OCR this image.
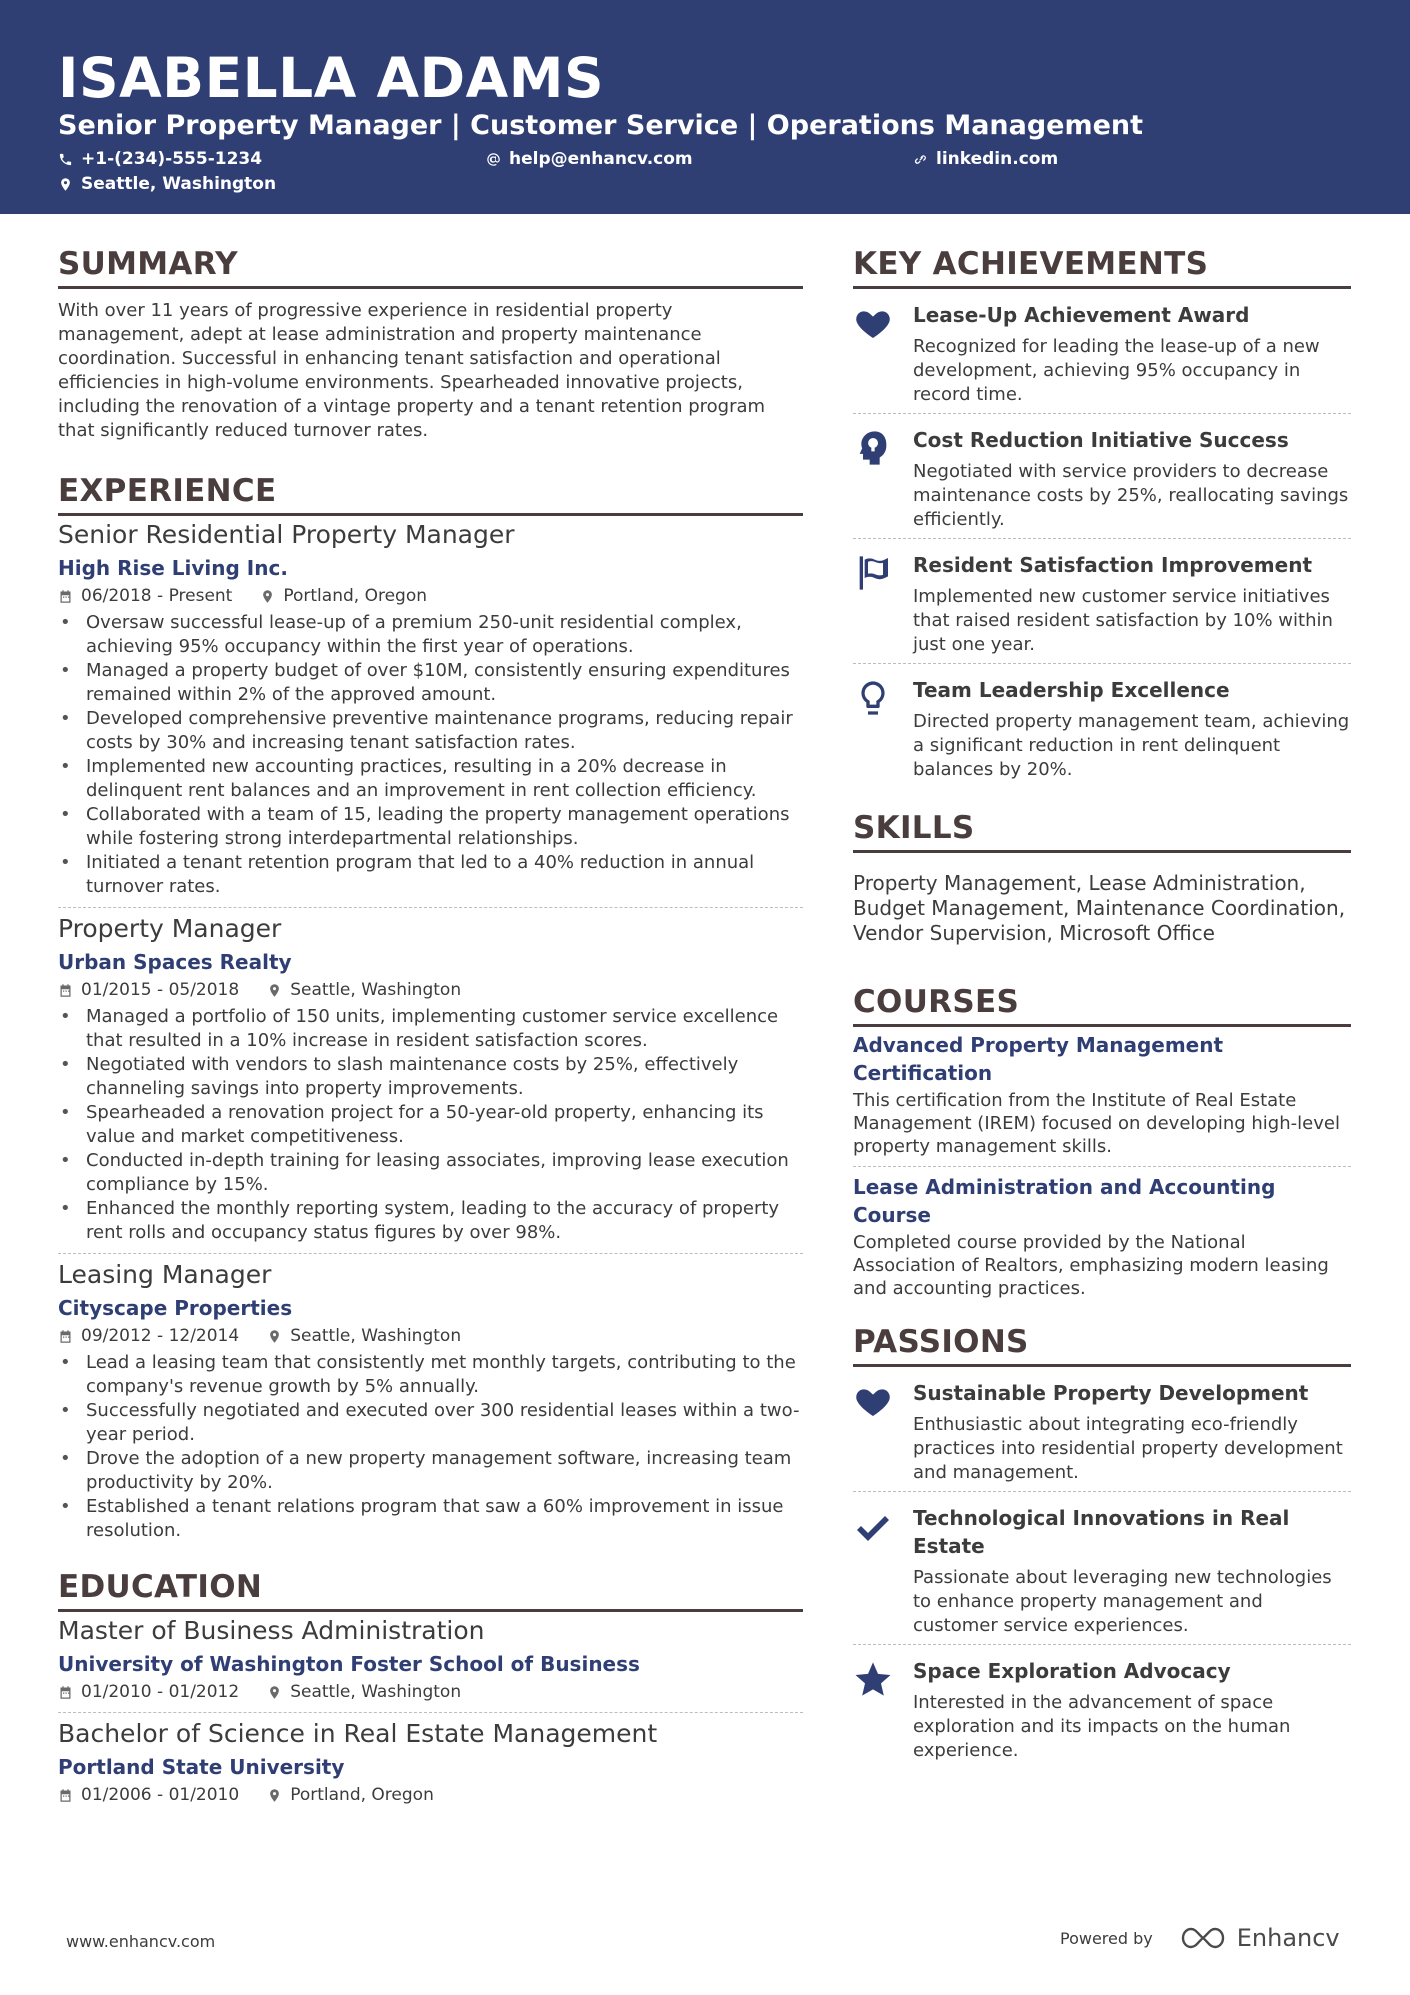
ISABELLA ADAMS
Senior Property Manager | Customer Service | Operations Management
+1-(234)-555-1234	help@enhancv.com	linkedin.com
Seattle, Washington
SUMMARY
With over 11 years of progressive experience in residential property management, adept at lease administration and property maintenance coordination. Successful in enhancing tenant satisfaction and operational efficiencies in high-volume environments. Spearheaded innovative projects, including the renovation of a vintage property and a tenant retention program that significantly reduced turnover rates.
EXPERIENCE
Senior Residential Property Manager
High Rise Living Inc.
06/2018 - Present	Portland, Oregon
• Oversaw successful lease-up of a premium 250-unit residential complex, achieving 95% occupancy within the first year of operations.
• Managed a property budget of over $10M, consistently ensuring expenditures remained within 2% of the approved amount.
• Developed comprehensive preventive maintenance programs, reducing repair costs by 30% and increasing tenant satisfaction rates.
• Implemented new accounting practices, resulting in a 20% decrease in delinquent rent balances and an improvement in rent collection efficiency.
• Collaborated with a team of 15, leading the property management operations while fostering strong interdepartmental relationships.
• Initiated a tenant retention program that led to a 40% reduction in annual turnover rates.
Property Manager
Urban Spaces Realty
01/2015 - 05/2018	Seattle, Washington
• Managed a portfolio of 150 units, implementing customer service excellence that resulted in a 10% increase in resident satisfaction scores.
• Negotiated with vendors to slash maintenance costs by 25%, effectively channeling savings into property improvements.
• Spearheaded a renovation project for a 50-year-old property, enhancing its value and market competitiveness.
• Conducted in-depth training for leasing associates, improving lease execution compliance by 15%.
• Enhanced the monthly reporting system, leading to the accuracy of property rent rolls and occupancy status figures by over 98%.
Leasing Manager
Cityscape Properties
09/2012 - 12/2014	Seattle, Washington
• Lead a leasing team that consistently met monthly targets, contributing to the company's revenue growth by 5% annually.
• Successfully negotiated and executed over 300 residential leases within a two-year period.
• Drove the adoption of a new property management software, increasing team productivity by 20%.
• Established a tenant relations program that saw a 60% improvement in issue resolution.
EDUCATION
Master of Business Administration
University of Washington Foster School of Business
01/2010 - 01/2012	Seattle, Washington
Bachelor of Science in Real Estate Management
Portland State University
01/2006 - 01/2010	Portland, Oregon
KEY ACHIEVEMENTS
Lease-Up Achievement Award
Recognized for leading the lease-up of a new development, achieving 95% occupancy in record time.
Cost Reduction Initiative Success
Negotiated with service providers to decrease maintenance costs by 25%, reallocating savings efficiently.
Resident Satisfaction Improvement
Implemented new customer service initiatives that raised resident satisfaction by 10% within just one year.
Team Leadership Excellence
Directed property management team, achieving a significant reduction in rent delinquent balances by 20%.
SKILLS
Property Management, Lease Administration, Budget Management, Maintenance Coordination, Vendor Supervision, Microsoft Office
COURSES
Advanced Property Management Certification
This certification from the Institute of Real Estate Management (IREM) focused on developing high-level property management skills.
Lease Administration and Accounting Course
Completed course provided by the National Association of Realtors, emphasizing modern leasing and accounting practices.
PASSIONS
Sustainable Property Development
Enthusiastic about integrating eco-friendly practices into residential property development and management.
Technological Innovations in Real Estate
Passionate about leveraging new technologies to enhance property management and customer service experiences.
Space Exploration Advocacy
Interested in the advancement of space exploration and its impacts on the human experience.
www.enhancv.com	Powered by	Enhancv
